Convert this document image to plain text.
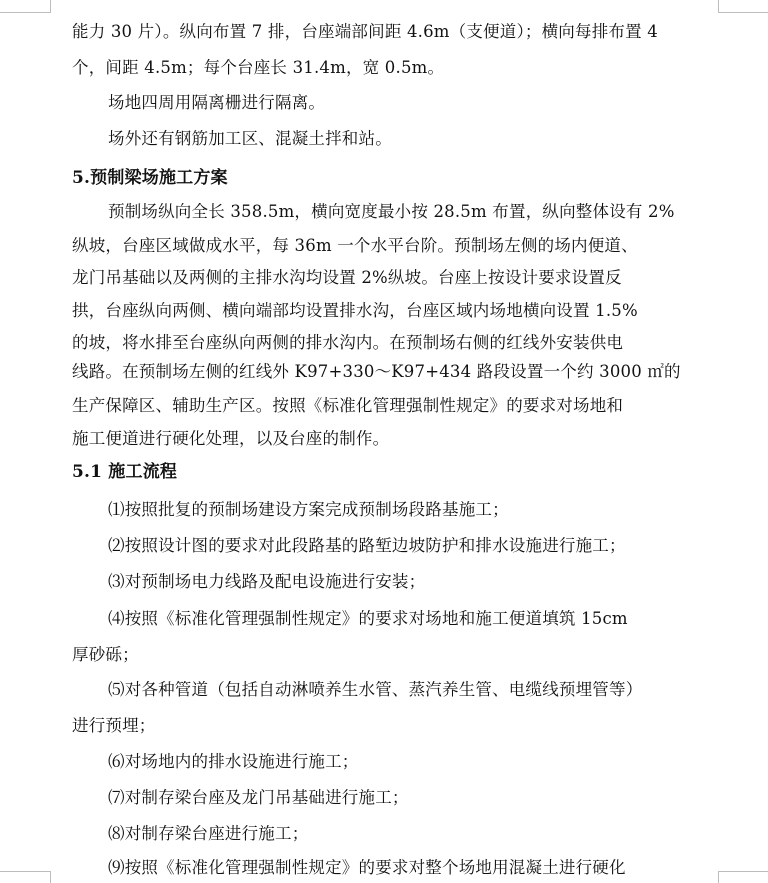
能力 30 片）。纵向布置 7 排，台座端部间距 4.6m（支便道）；横向每排布置 4
个，间距 4.5m；每个台座长 31.4m，宽 0.5m。
场地四周用隔离栅进行隔离。
场外还有钢筋加工区、混凝土拌和站。
5.预制梁场施工方案
预制场纵向全长 358.5m，横向宽度最小按 28.5m 布置，纵向整体设有 2%
纵坡，台座区域做成水平，每 36m 一个水平台阶。预制场左侧的场内便道、
龙门吊基础以及两侧的主排水沟均设置 2%纵坡。台座上按设计要求设置反
拱，台座纵向两侧、横向端部均设置排水沟，台座区域内场地横向设置 1.5%
的坡，将水排至台座纵向两侧的排水沟内。在预制场右侧的红线外安装供电
线路。在预制场左侧的红线外 K97+330～K97+434 路段设置一个约 3000 ㎡的
生产保障区、辅助生产区。按照《标准化管理强制性规定》的要求对场地和
施工便道进行硬化处理，以及台座的制作。
5.1 施工流程
⑴按照批复的预制场建设方案完成预制场段路基施工；
⑵按照设计图的要求对此段路基的路堑边坡防护和排水设施进行施工；
⑶对预制场电力线路及配电设施进行安装；
⑷按照《标准化管理强制性规定》的要求对场地和施工便道填筑 15cm
厚砂砾；
⑸对各种管道（包括自动淋喷养生水管、蒸汽养生管、电缆线预埋管等）
进行预埋；
⑹对场地内的排水设施进行施工；
⑺对制存梁台座及龙门吊基础进行施工；
⑻对制存梁台座进行施工；
⑼按照《标准化管理强制性规定》的要求对整个场地用混凝土进行硬化
